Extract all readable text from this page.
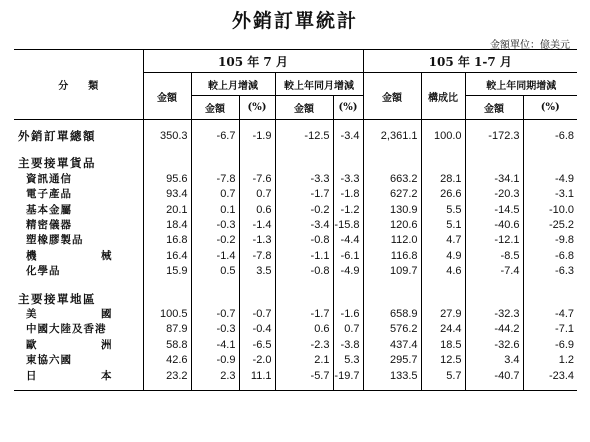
外銷訂單統計
金額單位：億美元
分　　類	105 年 7 月					105 年 1-7 月			
	金額	較上月增減		較上年同月增減		金額	構成比	較上年同期增減	
		金額	(%)	金額	(%)			金額	(%)

外銷訂單總額	350.3	-6.7	-1.9	-12.5	-3.4	2,361.1	100.0	-172.3	-6.8

主要接單貨品									
資訊通信	95.6	-7.8	-7.6	-3.3	-3.3	663.2	28.1	-34.1	-4.9
電子產品	93.4	0.7	0.7	-1.7	-1.8	627.2	26.6	-20.3	-3.1
基本金屬	20.1	0.1	0.6	-0.2	-1.2	130.9	5.5	-14.5	-10.0
精密儀器	18.4	-0.3	-1.4	-3.4	-15.8	120.6	5.1	-40.6	-25.2
塑橡膠製品	16.8	-0.2	-1.3	-0.8	-4.4	112.0	4.7	-12.1	-9.8
機械	16.4	-1.4	-7.8	-1.1	-6.1	116.8	4.9	-8.5	-6.8
化學品	15.9	0.5	3.5	-0.8	-4.9	109.7	4.6	-7.4	-6.3

主要接單地區									
美國	100.5	-0.7	-0.7	-1.7	-1.6	658.9	27.9	-32.3	-4.7
中國大陸及香港	87.9	-0.3	-0.4	0.6	0.7	576.2	24.4	-44.2	-7.1
歐洲	58.8	-4.1	-6.5	-2.3	-3.8	437.4	18.5	-32.6	-6.9
東協六國	42.6	-0.9	-2.0	2.1	5.3	295.7	12.5	3.4	1.2
日本	23.2	2.3	11.1	-5.7	-19.7	133.5	5.7	-40.7	-23.4
